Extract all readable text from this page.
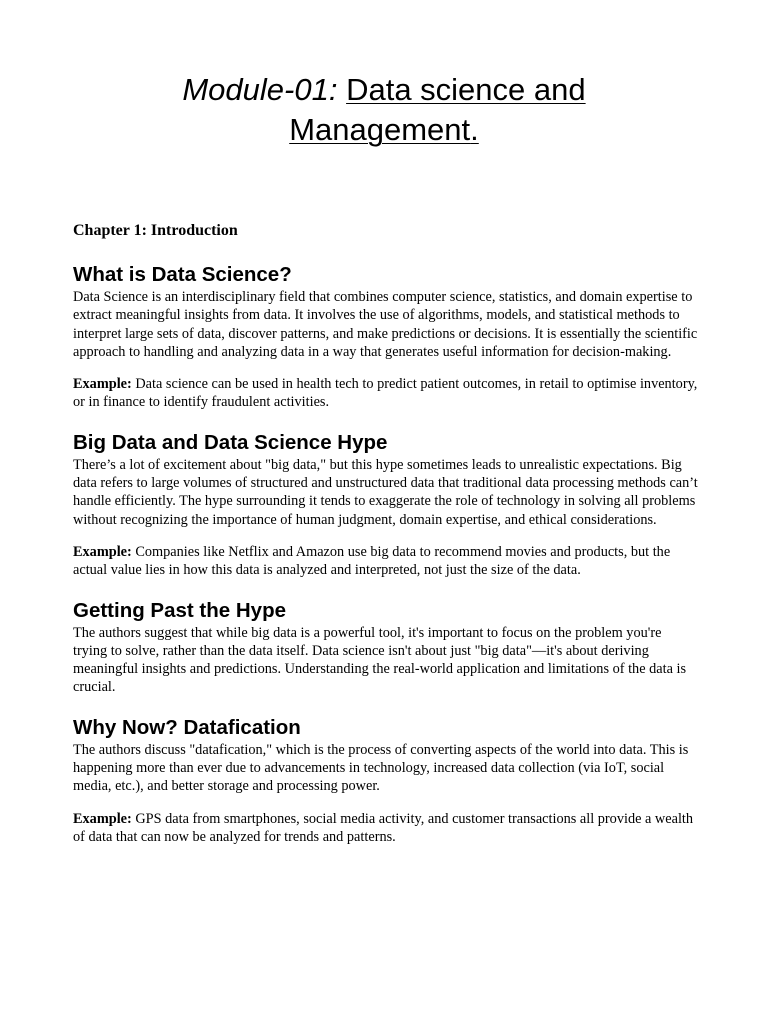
Module-01: Data science and
Management.

Chapter 1: Introduction

What is Data Science?

Data Science is an interdisciplinary field that combines computer science, statistics, and domain expertise to extract meaningful insights from data. It involves the use of algorithms, models, and statistical methods to interpret large sets of data, discover patterns, and make predictions or decisions. It is essentially the scientific approach to handling and analyzing data in a way that generates useful information for decision-making.

Example: Data science can be used in health tech to predict patient outcomes, in retail to optimise inventory, or in finance to identify fraudulent activities.

Big Data and Data Science Hype

There’s a lot of excitement about "big data," but this hype sometimes leads to unrealistic expectations. Big data refers to large volumes of structured and unstructured data that traditional data processing methods can’t handle efficiently. The hype surrounding it tends to exaggerate the role of technology in solving all problems without recognizing the importance of human judgment, domain expertise, and ethical considerations.

Example: Companies like Netflix and Amazon use big data to recommend movies and products, but the actual value lies in how this data is analyzed and interpreted, not just the size of the data.

Getting Past the Hype

The authors suggest that while big data is a powerful tool, it's important to focus on the problem you're trying to solve, rather than the data itself. Data science isn't about just "big data"—it's about deriving meaningful insights and predictions. Understanding the real-world application and limitations of the data is crucial.

Why Now? Datafication

The authors discuss "datafication," which is the process of converting aspects of the world into data. This is happening more than ever due to advancements in technology, increased data collection (via IoT, social media, etc.), and better storage and processing power.

Example: GPS data from smartphones, social media activity, and customer transactions all provide a wealth of data that can now be analyzed for trends and patterns.
